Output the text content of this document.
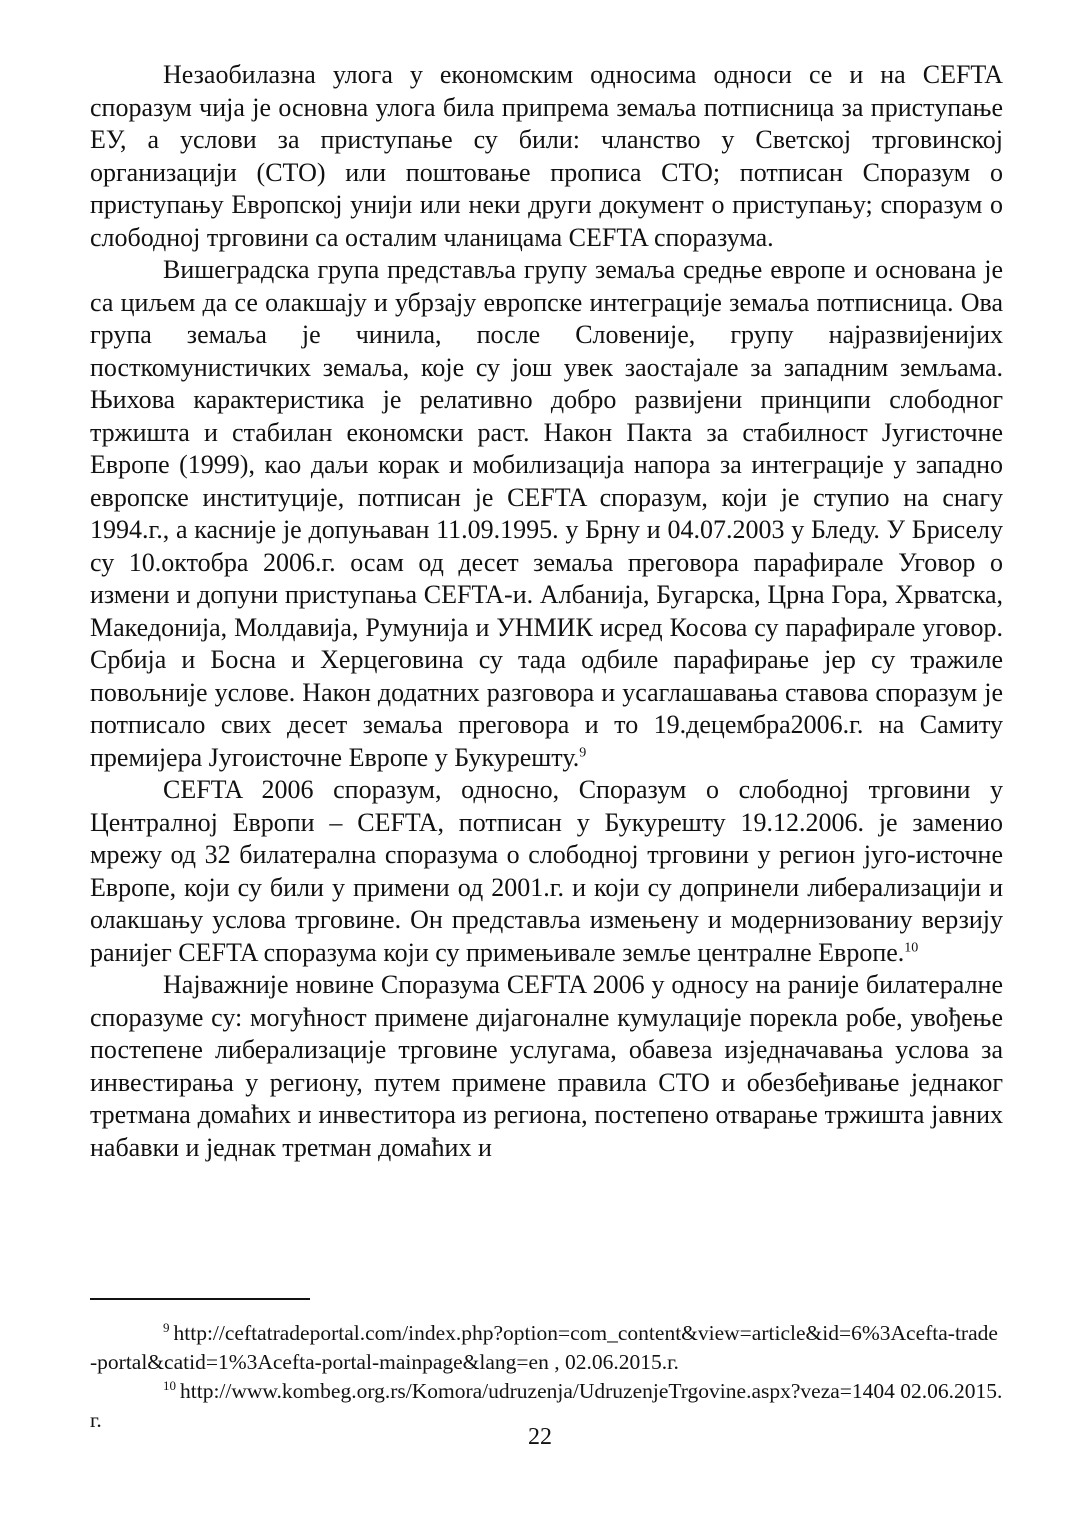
Незаобилазна улога у економским односима односи се и на CEFTA споразум чија је основна улога била припрема земаља потписница за приступање ЕУ, а услови за приступање су били: чланство у Светској трговинској организацији (СТО) или поштовање прописа СТО; потписан Споразум о приступању Европској унији или неки други документ о приступању; споразум о слободној трговини са осталим чланицама CEFTA споразума.

Вишеградска група представља групу земаља средње европе и основана је са циљем да се олакшају и убрзају европске интеграције земаља потписница. Ова група земаља је чинила, после Словеније, групу најразвијенијих посткомунистичких земаља, које су још увек заостајале за западним земљама. Њихова карактеристика је релативно добро развијени принципи слободног тржишта и стабилан економски раст. Након Пакта за стабилност Југисточне Европе (1999), као даљи корак и мобилизација напора за интеграције у западно европске институције, потписан је CEFTA споразум, који је ступио на снагу 1994.г., а касније је допуњаван 11.09.1995. у Брну и 04.07.2003 у Бледу. У Бриселу су 10.октобра 2006.г. осам од десет земаља преговора парафирале Уговор о измени и допуни приступања CEFTA-и. Албанија, Бугарска, Црна Гора, Хрватска, Македонија, Молдавија, Румунија и УНМИК исред Косова су парафирале уговор. Србија и Босна и Херцеговина су тада одбиле парафирање јер су тражиле повољније услове. Након додатних разговора и усаглашавања ставова споразум је потписало свих десет земаља преговора и то 19.децембра2006.г. на Самиту премијера Југоисточне Европе у Букурешту.$^9$

CEFTA 2006 споразум, односно, Споразум о слободној трговини у Централној Европи – CEFTA, потписан у Букурешту 19.12.2006. је заменио мрежу од 32 билатерална споразума о слободној трговини у регион југо-источне Европе, који су били у примени од 2001.г. и који су допринели либерализацији и олакшању услова трговине. Он представља измењену и модернизованиу верзију ранијег CEFTA споразума који су примењивале земље централне Европе.$^{10}$

Најважније новине Споразума CEFTA 2006 у односу на раније билатералне споразуме су: могућност примене дијагоналне кумулације порекла робе, увођење постепене либерализације трговине услугама, обавеза изједначавања услова за инвестирања у региону, путем примене правила СТО и обезбеђивање једнаког третмана домаћих и инвеститора из региона, постепено отварање тржишта јавних набавки и једнак третман домаћих и

$^9$ http://ceftatradeportal.com/index.php?option=com_content&view=article&id=6%3Acefta-trade-portal&catid=1%3Acefta-portal-mainpage&lang=en , 02.06.2015.г.

$^{10}$ http://www.kombeg.org.rs/Komora/udruzenja/UdruzenjeTrgovine.aspx?veza=1404 02.06.2015.г.

22
